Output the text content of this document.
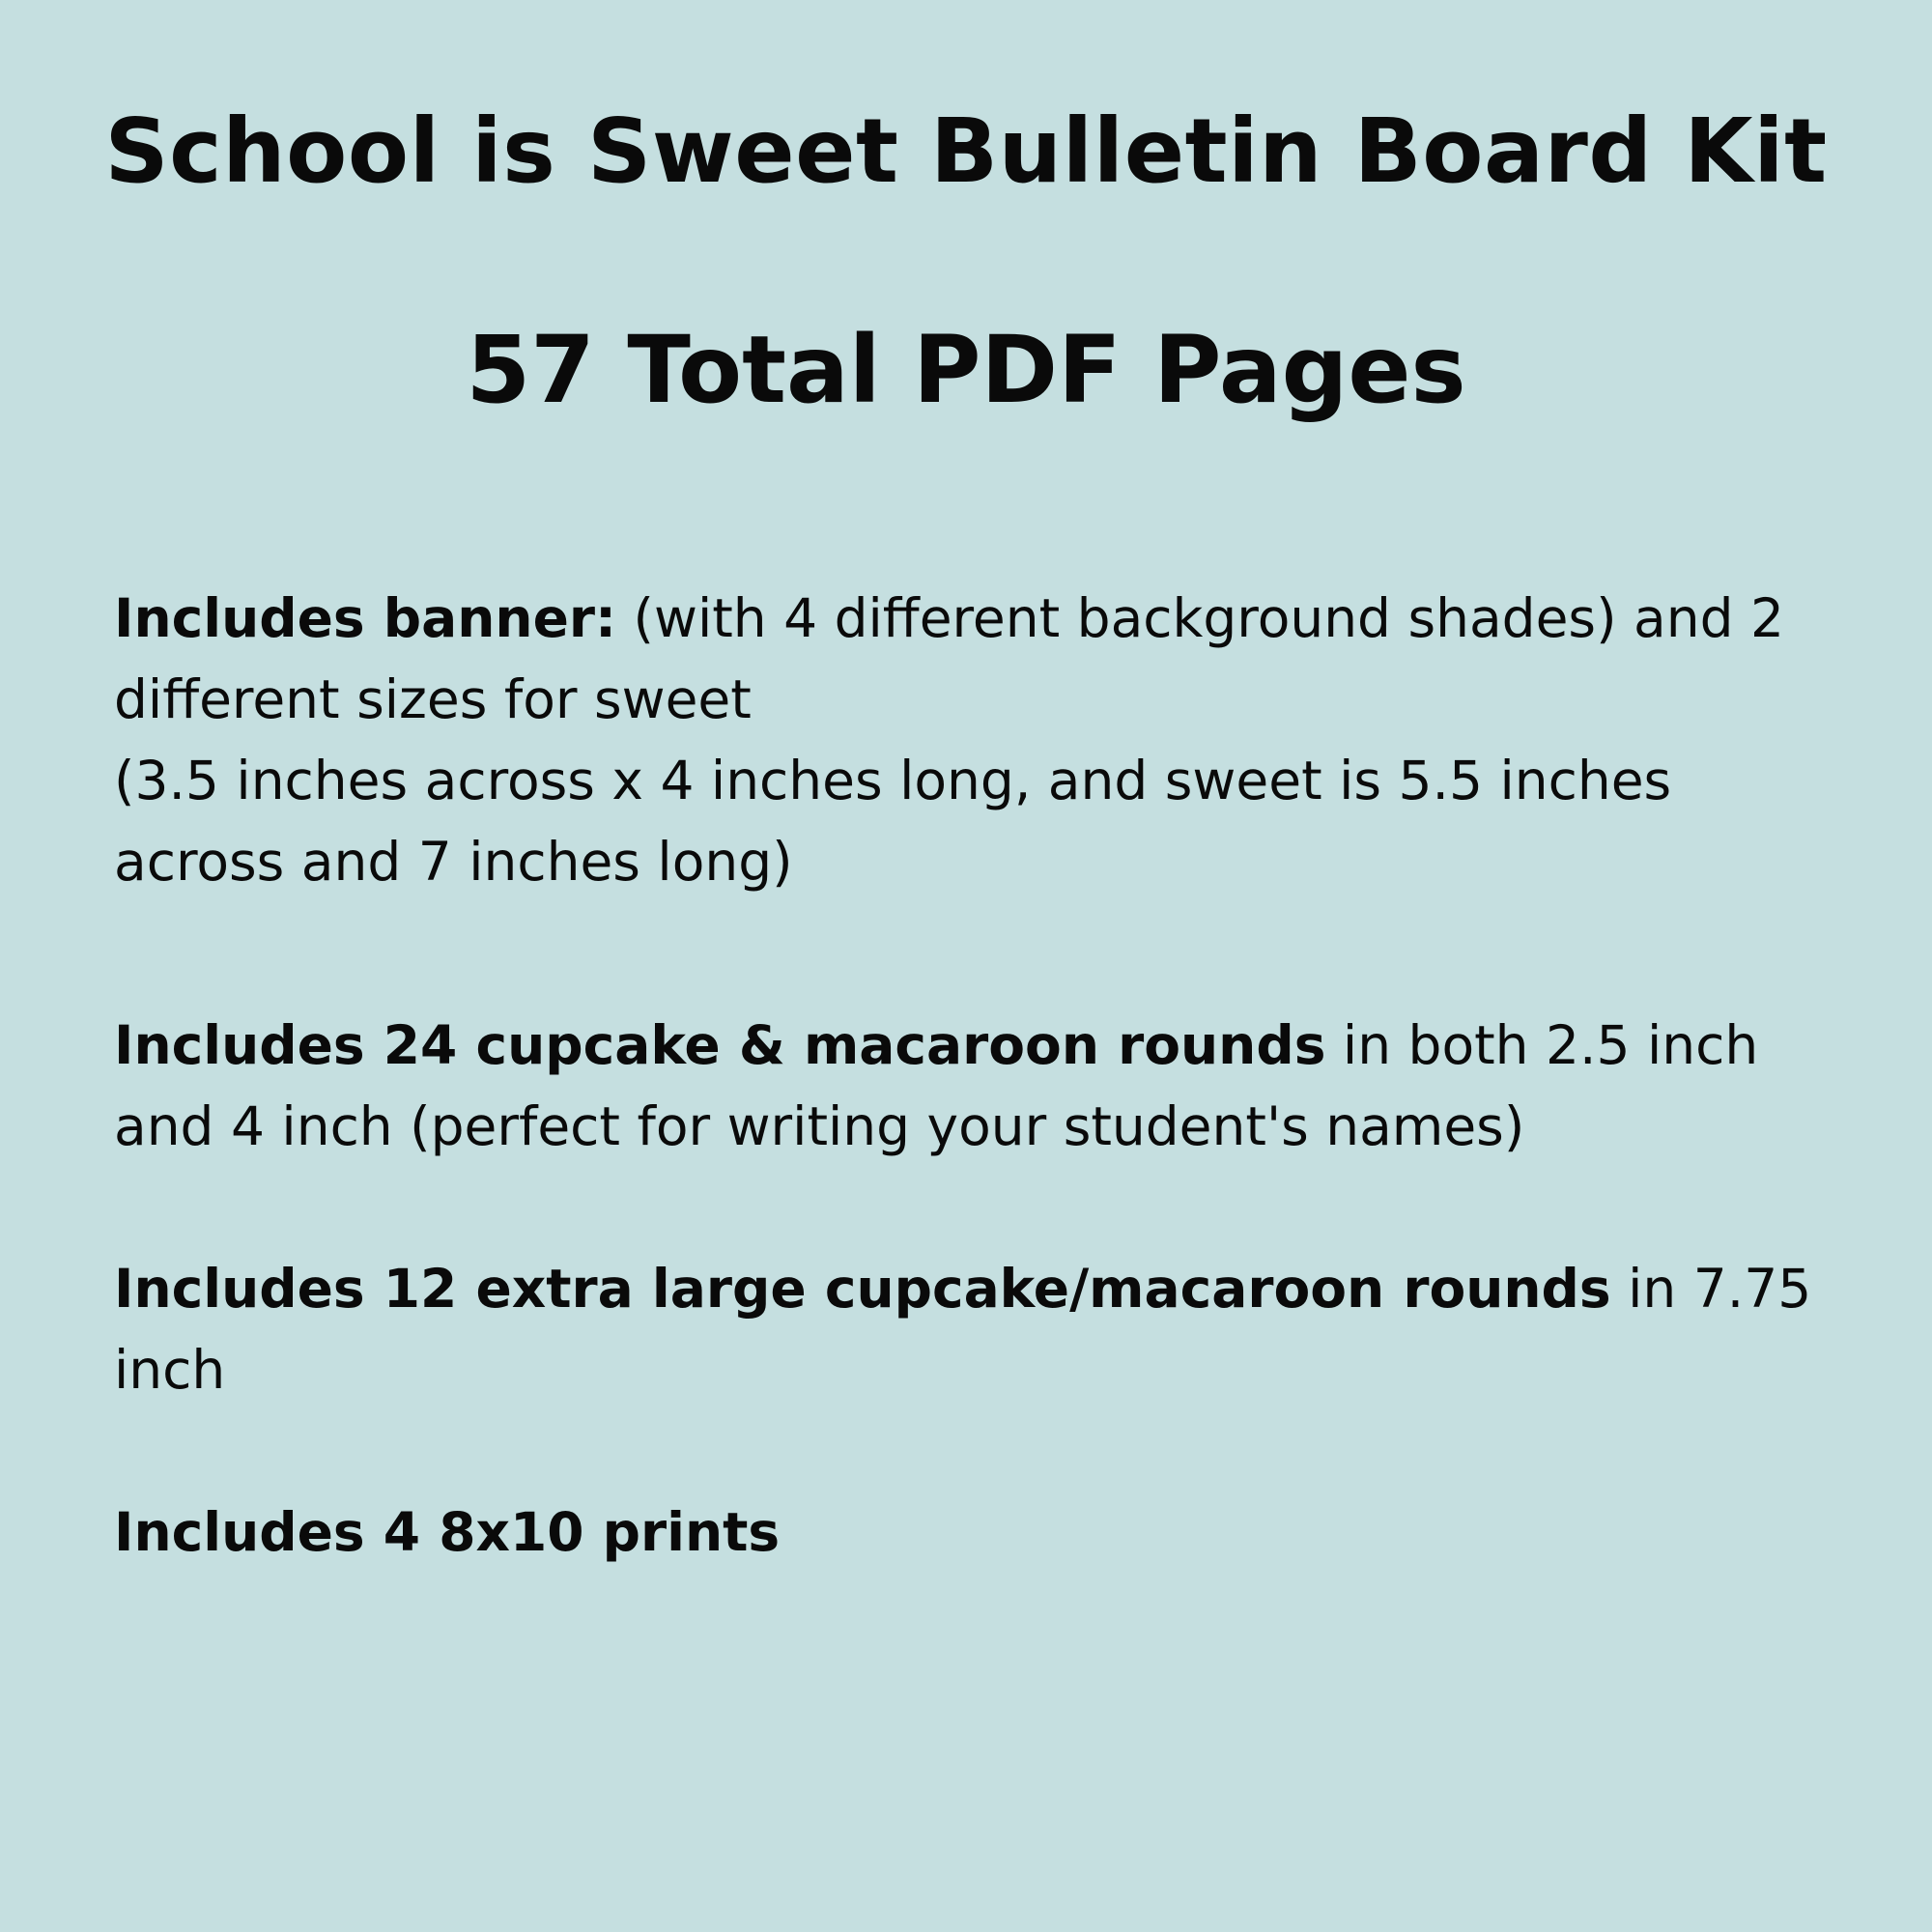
School is Sweet Bulletin Board Kit
57 Total PDF Pages

Includes banner: (with 4 different background shades) and 2 different sizes for sweet
(3.5 inches across x 4 inches long, and sweet is 5.5 inches across and 7 inches long)

Includes 24 cupcake & macaroon rounds in both 2.5 inch and 4 inch (perfect for writing your student's names)

Includes 12 extra large cupcake/macaroon rounds in 7.75 inch

Includes 4 8x10 prints
